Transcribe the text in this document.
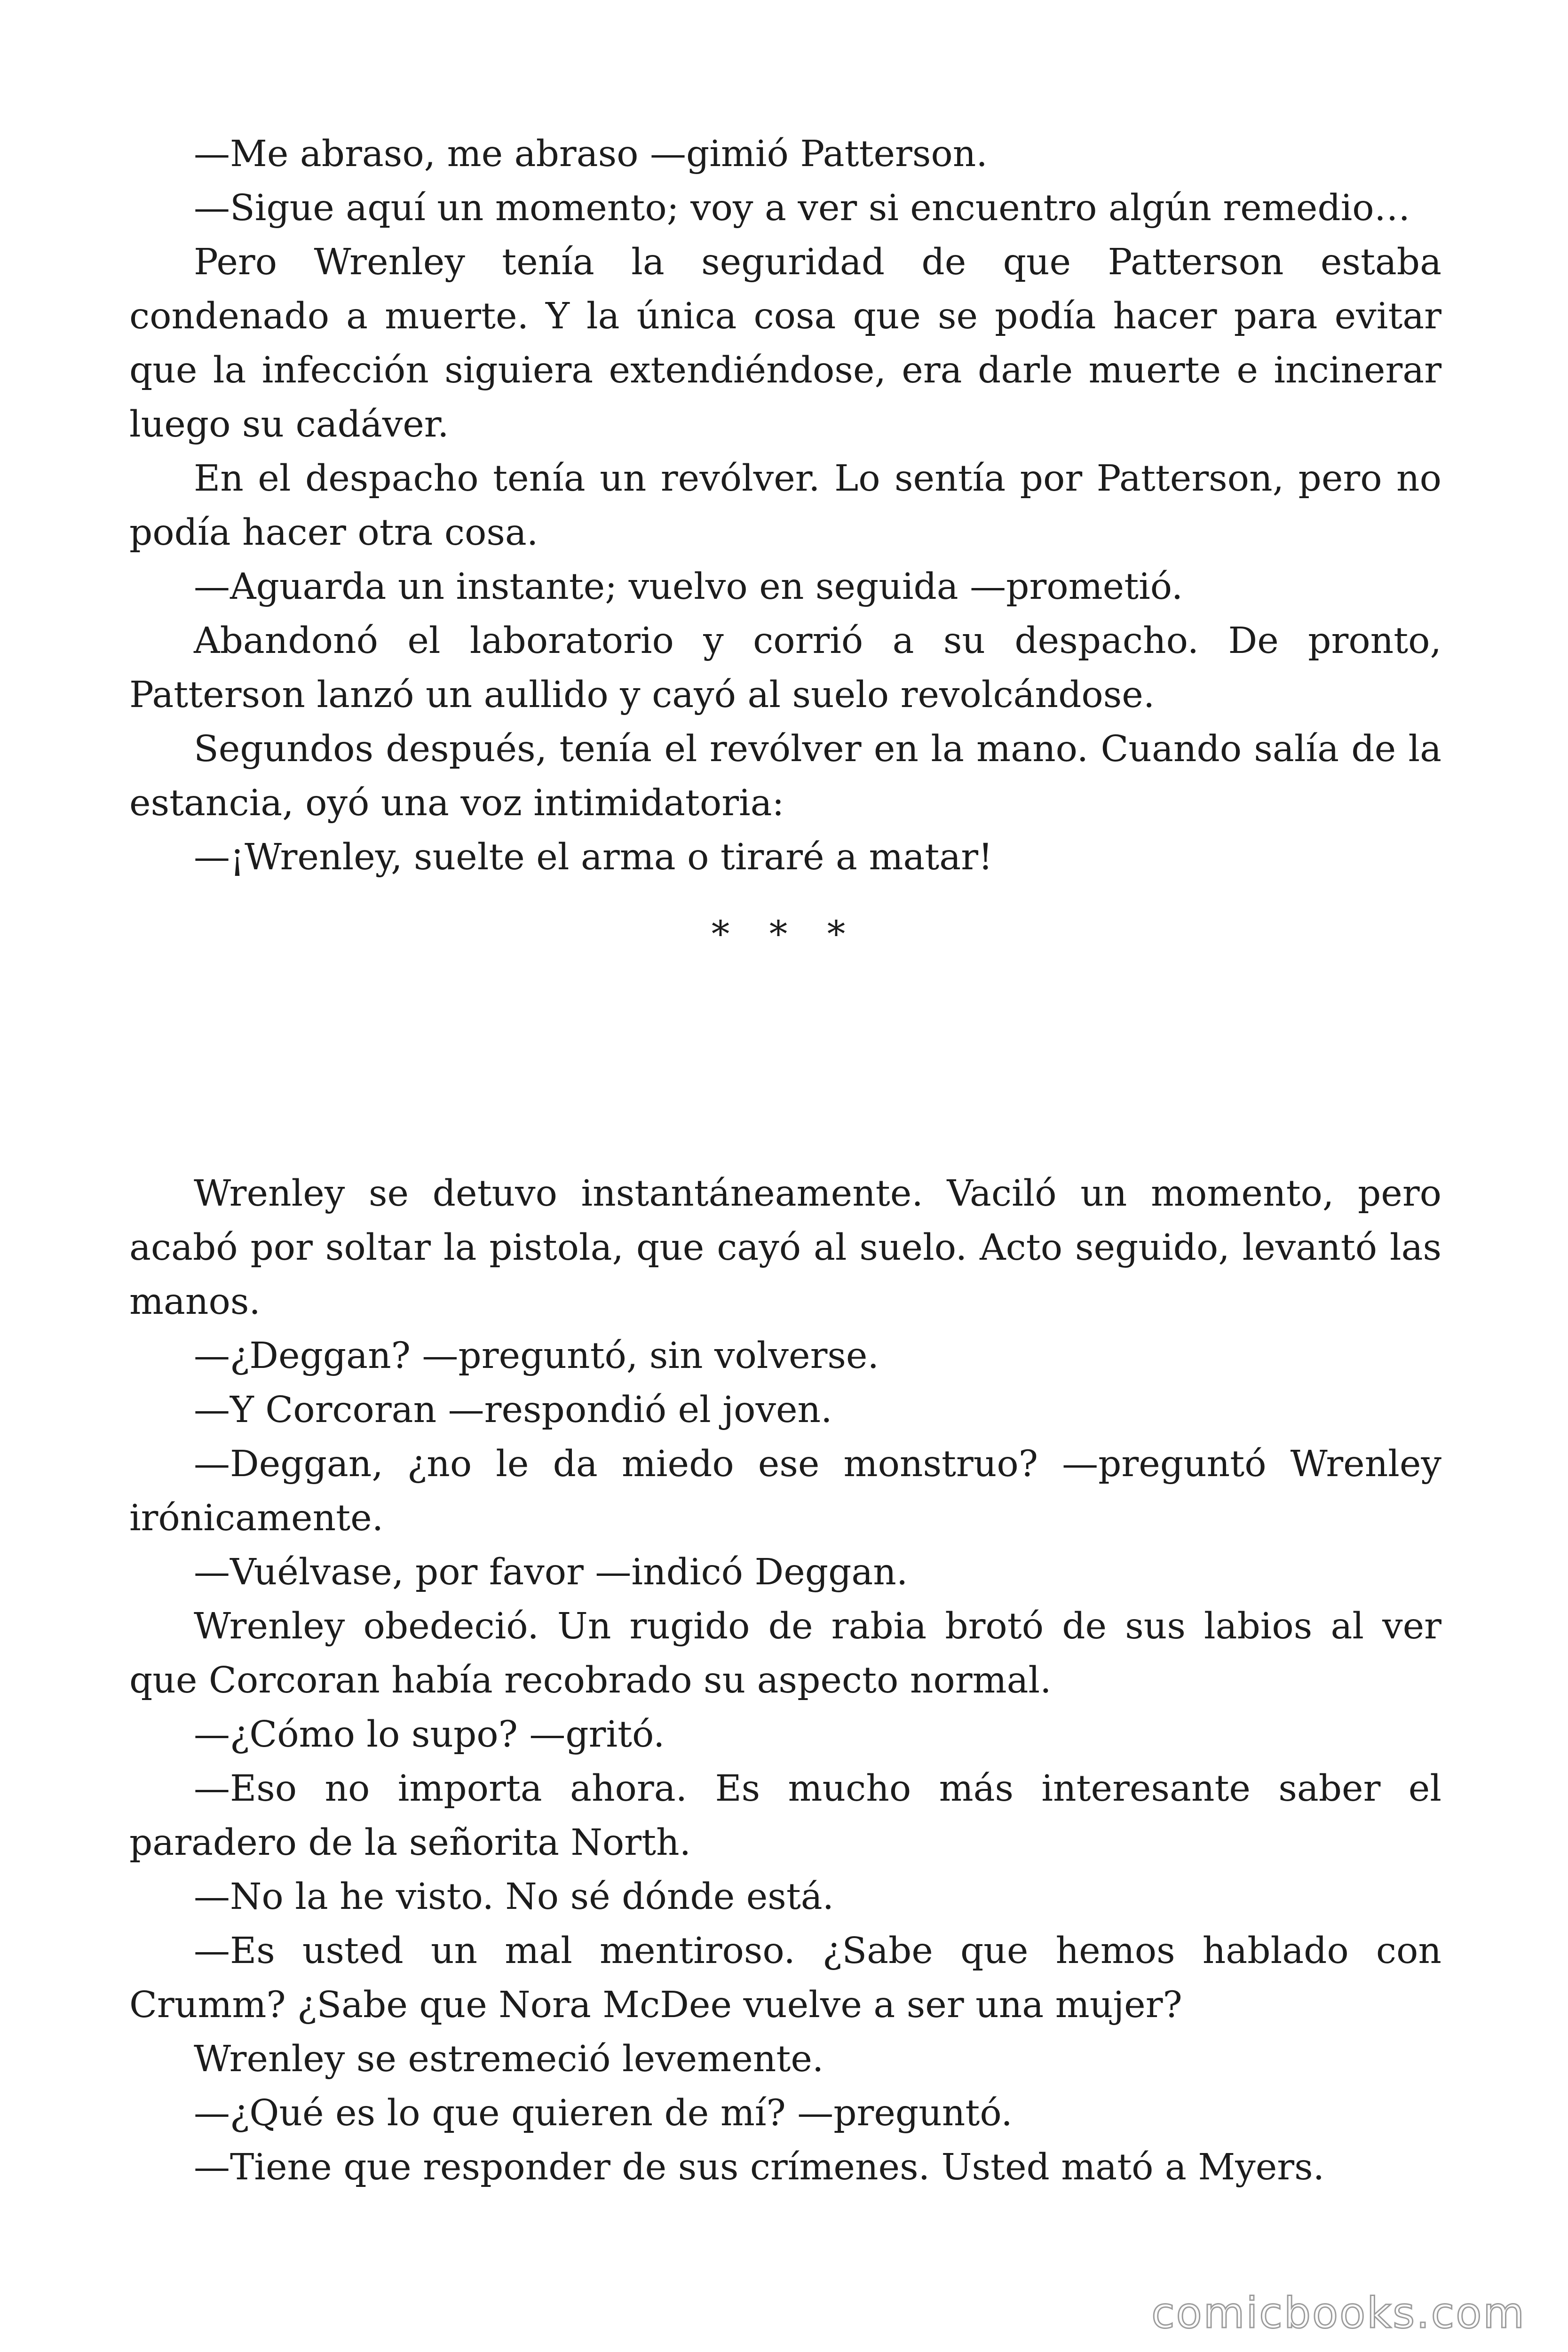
—Me abraso, me abraso —gimió Patterson.

—Sigue aquí un momento; voy a ver si encuentro algún remedio…

Pero Wrenley tenía la seguridad de que Patterson estaba condenado a muerte. Y la única cosa que se podía hacer para evitar que la infección siguiera extendiéndose, era darle muerte e incinerar luego su cadáver.

En el despacho tenía un revólver. Lo sentía por Patterson, pero no podía hacer otra cosa.

—Aguarda un instante; vuelvo en seguida —prometió.

Abandonó el laboratorio y corrió a su despacho. De pronto, Patterson lanzó un aullido y cayó al suelo revolcándose.

Segundos después, tenía el revólver en la mano. Cuando salía de la estancia, oyó una voz intimidatoria:

—¡Wrenley, suelte el arma o tiraré a matar!

* * *

Wrenley se detuvo instantáneamente. Vaciló un momento, pero acabó por soltar la pistola, que cayó al suelo. Acto seguido, levantó las manos.

—¿Deggan? —preguntó, sin volverse.

—Y Corcoran —respondió el joven.

—Deggan, ¿no le da miedo ese monstruo? —preguntó Wrenley irónicamente.

—Vuélvase, por favor —indicó Deggan.

Wrenley obedeció. Un rugido de rabia brotó de sus labios al ver que Corcoran había recobrado su aspecto normal.

—¿Cómo lo supo? —gritó.

—Eso no importa ahora. Es mucho más interesante saber el paradero de la señorita North.

—No la he visto. No sé dónde está.

—Es usted un mal mentiroso. ¿Sabe que hemos hablado con Crumm? ¿Sabe que Nora McDee vuelve a ser una mujer?

Wrenley se estremeció levemente.

—¿Qué es lo que quieren de mí? —preguntó.

—Tiene que responder de sus crímenes. Usted mató a Myers.

comicbooks.com
